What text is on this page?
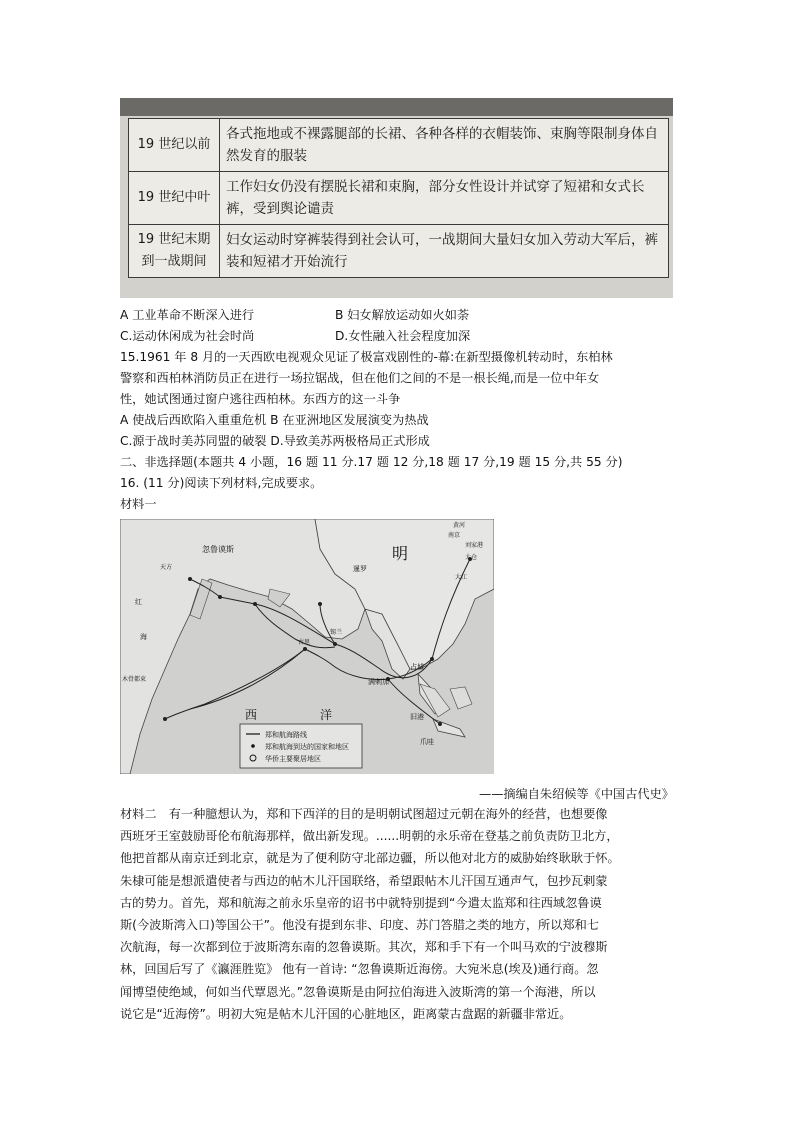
19 世纪以前	各式拖地或不裸露腿部的长裙、各种各样的衣帽装饰、束胸等限制身体自然发育的服装
19 世纪中叶	工作妇女仍没有摆脱长裙和束胸，部分女性设计并试穿了短裙和女式长裤，受到舆论谴责
19 世纪末期到一战期间	妇女运动时穿裤装得到社会认可，一战期间大量妇女加入劳动大军后，裤装和短裙才开始流行
A 工业革命不断深入进行	B 妇女解放运动如火如荼
C.运动休闲成为社会时尚	D.女性融入社会程度加深
15.1961 年 8 月的一天西欧电视观众见证了极富戏剧性的-幕:在新型摄像机转动时，东柏林
警察和西柏林消防员正在进行一场拉锯战，但在他们之间的不是一根长绳,而是一位中年女
性，她试图通过窗户逃往西柏林。东西方的这一斗争
A 使战后西欧陷入重重危机 B 在亚洲地区发展演变为热战
C.源于战时美苏同盟的破裂 D.导致美苏两极格局正式形成
二、非选择题(本题共 4 小题，16 题 11 分.17 题 12 分,18 题 17 分,19 题 15 分,共 55 分)
16. (11 分)阅读下列材料,完成要求。
材料一
明
忽鲁谟斯
天方
红
海
木骨都束
西	洋
古里
锡兰
暹罗
满剌加
占城
旧港
爪哇
南京
刘家港
太仓
黄河
大江
郑和航海路线
郑和航海到达的国家和地区
华侨主要聚居地区
——摘编自朱绍候等《中国古代史》
材料二　有一种臆想认为，郑和下西洋的目的是明朝试图超过元朝在海外的经营，也想要像
西班牙王室鼓励哥伦布航海那样，做出新发现。......明朝的永乐帝在登基之前负责防卫北方，
他把首都从南京迁到北京，就是为了便利防守北部边疆，所以他对北方的威胁始终耿耿于怀。
朱棣可能是想派遣使者与西边的帖木儿汗国联络，希望跟帖木儿汗国互通声气，包抄瓦剌蒙
古的势力。首先，郑和航海之前永乐皇帝的诏书中就特别提到“今遣太监郑和往西域忽鲁谟
斯(今波斯湾入口)等国公干”。他没有提到东非、印度、苏门答腊之类的地方，所以郑和七
次航海，每一次都到位于波斯湾东南的忽鲁谟斯。其次，郑和手下有一个叫马欢的宁波穆斯
林，回国后写了《瀛涯胜览》 他有一首诗: “忽鲁谟斯近海傍。大宛米息(埃及)通行商。忽
闻博望使绝域，何如当代覃恩光。”忽鲁谟斯是由阿拉伯海进入波斯湾的第一个海港，所以
说它是“近海傍”。明初大宛是帖木儿汗国的心脏地区，距离蒙古盘踞的新疆非常近。
